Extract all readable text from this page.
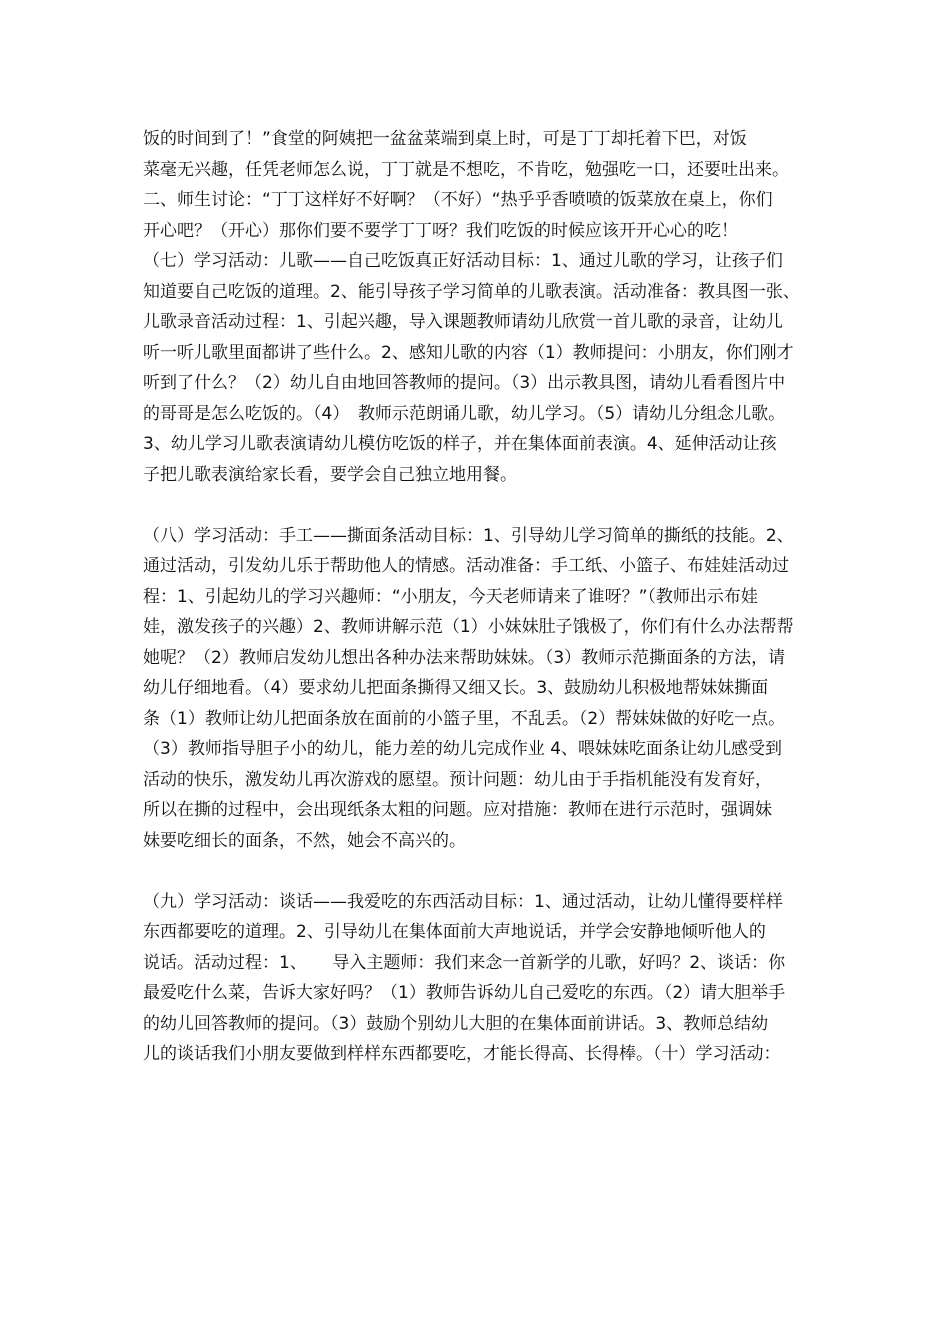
饭的时间到了！”食堂的阿姨把一盆盆菜端到桌上时，可是丁丁却托着下巴，对饭

菜毫无兴趣，任凭老师怎么说，丁丁就是不想吃，不肯吃，勉强吃一口，还要吐出来。

二、师生讨论：“丁丁这样好不好啊？（不好）“热乎乎香喷喷的饭菜放在桌上，你们

开心吧？（开心）那你们要不要学丁丁呀？我们吃饭的时候应该开开心心的吃！

（七）学习活动：儿歌——自己吃饭真正好活动目标：1、通过儿歌的学习，让孩子们

知道要自己吃饭的道理。2、能引导孩子学习简单的儿歌表演。活动准备：教具图一张、

儿歌录音活动过程：1、引起兴趣，导入课题教师请幼儿欣赏一首儿歌的录音，让幼儿

听一听儿歌里面都讲了些什么。2、感知儿歌的内容（1）教师提问：小朋友，你们刚才

听到了什么？（2）幼儿自由地回答教师的提问。（3）出示教具图，请幼儿看看图片中

的哥哥是怎么吃饭的。（4）　教师示范朗诵儿歌，幼儿学习。（5）请幼儿分组念儿歌。

3、幼儿学习儿歌表演请幼儿模仿吃饭的样子，并在集体面前表演。4、延伸活动让孩

子把儿歌表演给家长看，要学会自己独立地用餐。

（八）学习活动：手工——撕面条活动目标：1、引导幼儿学习简单的撕纸的技能。2、

通过活动，引发幼儿乐于帮助他人的情感。活动准备：手工纸、小篮子、布娃娃活动过

程：1、引起幼儿的学习兴趣师：“小朋友，今天老师请来了谁呀？”（教师出示布娃

娃，激发孩子的兴趣）2、教师讲解示范（1）小妹妹肚子饿极了，你们有什么办法帮帮

她呢？（2）教师启发幼儿想出各种办法来帮助妹妹。（3）教师示范撕面条的方法，请

幼儿仔细地看。（4）要求幼儿把面条撕得又细又长。3、鼓励幼儿积极地帮妹妹撕面

条（1）教师让幼儿把面条放在面前的小篮子里，不乱丢。（2）帮妹妹做的好吃一点。

（3）教师指导胆子小的幼儿，能力差的幼儿完成作业 4、喂妹妹吃面条让幼儿感受到

活动的快乐，激发幼儿再次游戏的愿望。预计问题：幼儿由于手指机能没有发育好，

所以在撕的过程中，会出现纸条太粗的问题。应对措施：教师在进行示范时，强调妹

妹要吃细长的面条，不然，她会不高兴的。

（九）学习活动：谈话——我爱吃的东西活动目标：1、通过活动，让幼儿懂得要样样

东西都要吃的道理。2、引导幼儿在集体面前大声地说话，并学会安静地倾听他人的

说话。活动过程：1、　　导入主题师：我们来念一首新学的儿歌，好吗？2、谈话：你

最爱吃什么菜，告诉大家好吗？（1）教师告诉幼儿自己爱吃的东西。（2）请大胆举手

的幼儿回答教师的提问。（3）鼓励个别幼儿大胆的在集体面前讲话。3、教师总结幼

儿的谈话我们小朋友要做到样样东西都要吃，才能长得高、长得棒。（十）学习活动：
